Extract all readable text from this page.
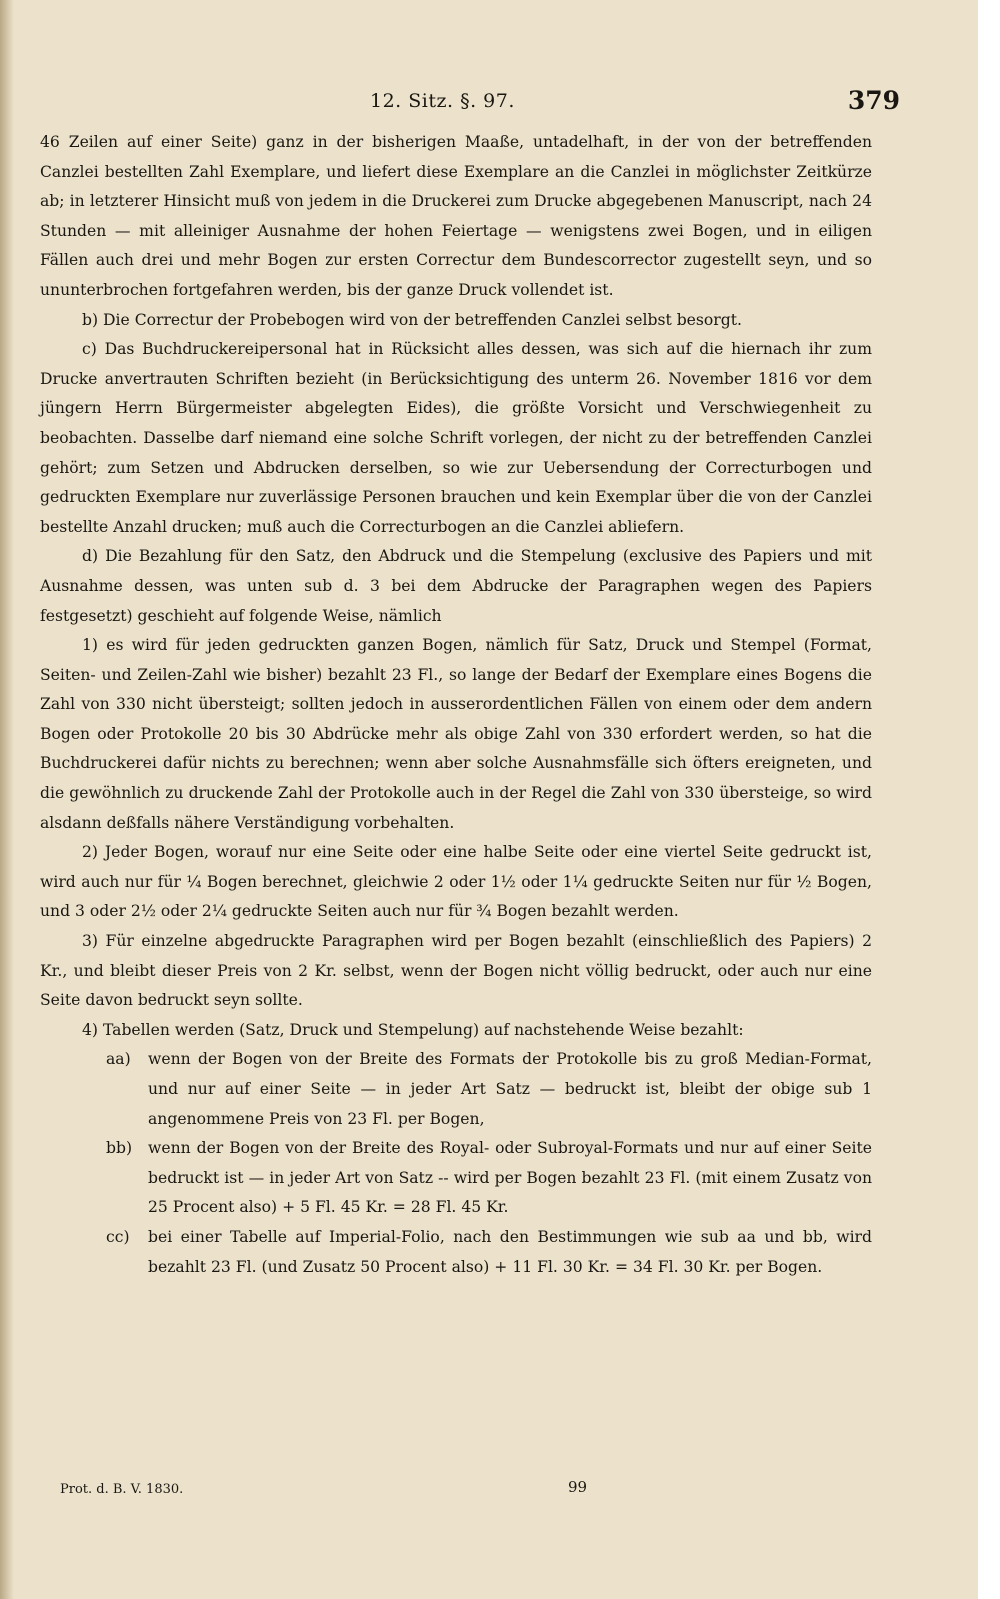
12. Sitz. §. 97.	379

46 Zeilen auf einer Seite) ganz in der bisherigen Maaße, untadelhaft, in der von der betreffenden Canzlei bestellten Zahl Exemplare, und liefert diese Exemplare an die Canzlei in möglichster Zeitkürze ab; in letzterer Hinsicht muß von jedem in die Druckerei zum Drucke abgegebenen Manuscript, nach 24 Stunden — mit alleiniger Ausnahme der hohen Feiertage — wenigstens zwei Bogen, und in eiligen Fällen auch drei und mehr Bogen zur ersten Correctur dem Bundescorrector zugestellt seyn, und so ununterbrochen fortgefahren werden, bis der ganze Druck vollendet ist.

b) Die Correctur der Probebogen wird von der betreffenden Canzlei selbst besorgt.

c) Das Buchdruckereipersonal hat in Rücksicht alles dessen, was sich auf die hiernach ihr zum Drucke anvertrauten Schriften bezieht (in Berücksichtigung des unterm 26. November 1816 vor dem jüngern Herrn Bürgermeister abgelegten Eides), die größte Vorsicht und Verschwiegenheit zu beobachten. Dasselbe darf niemand eine solche Schrift vorlegen, der nicht zu der betreffenden Canzlei gehört; zum Setzen und Abdrucken derselben, so wie zur Uebersendung der Correcturbogen und gedruckten Exemplare nur zuverlässige Personen brauchen und kein Exemplar über die von der Canzlei bestellte Anzahl drucken; muß auch die Correcturbogen an die Canzlei abliefern.

d) Die Bezahlung für den Satz, den Abdruck und die Stempelung (exclusive des Papiers und mit Ausnahme dessen, was unten sub d. 3 bei dem Abdrucke der Paragraphen wegen des Papiers festgesetzt) geschieht auf folgende Weise, nämlich

1) es wird für jeden gedruckten ganzen Bogen, nämlich für Satz, Druck und Stempel (Format, Seiten- und Zeilen-Zahl wie bisher) bezahlt 23 Fl., so lange der Bedarf der Exemplare eines Bogens die Zahl von 330 nicht übersteigt; sollten jedoch in ausserordentlichen Fällen von einem oder dem andern Bogen oder Protokolle 20 bis 30 Abdrücke mehr als obige Zahl von 330 erfordert werden, so hat die Buchdruckerei dafür nichts zu berechnen; wenn aber solche Ausnahmsfälle sich öfters ereigneten, und die gewöhnlich zu druckende Zahl der Protokolle auch in der Regel die Zahl von 330 übersteige, so wird alsdann deßfalls nähere Verständigung vorbehalten.

2) Jeder Bogen, worauf nur eine Seite oder eine halbe Seite oder eine viertel Seite gedruckt ist, wird auch nur für ¼ Bogen berechnet, gleichwie 2 oder 1½ oder 1¼ gedruckte Seiten nur für ½ Bogen, und 3 oder 2½ oder 2¼ gedruckte Seiten auch nur für ¾ Bogen bezahlt werden.

3) Für einzelne abgedruckte Paragraphen wird per Bogen bezahlt (einschließlich des Papiers) 2 Kr., und bleibt dieser Preis von 2 Kr. selbst, wenn der Bogen nicht völlig bedruckt, oder auch nur eine Seite davon bedruckt seyn sollte.

4) Tabellen werden (Satz, Druck und Stempelung) auf nachstehende Weise bezahlt:

aa) wenn der Bogen von der Breite des Formats der Protokolle bis zu groß Median-Format, und nur auf einer Seite — in jeder Art Satz — bedruckt ist, bleibt der obige sub 1 angenommene Preis von 23 Fl. per Bogen,

bb) wenn der Bogen von der Breite des Royal- oder Subroyal-Formats und nur auf einer Seite bedruckt ist — in jeder Art von Satz -- wird per Bogen bezahlt 23 Fl. (mit einem Zusatz von 25 Procent also) + 5 Fl. 45 Kr. = 28 Fl. 45 Kr.

cc) bei einer Tabelle auf Imperial-Folio, nach den Bestimmungen wie sub aa und bb, wird bezahlt 23 Fl. (und Zusatz 50 Procent also) + 11 Fl. 30 Kr. = 34 Fl. 30 Kr. per Bogen.

Prot. d. B. V. 1830.	99
